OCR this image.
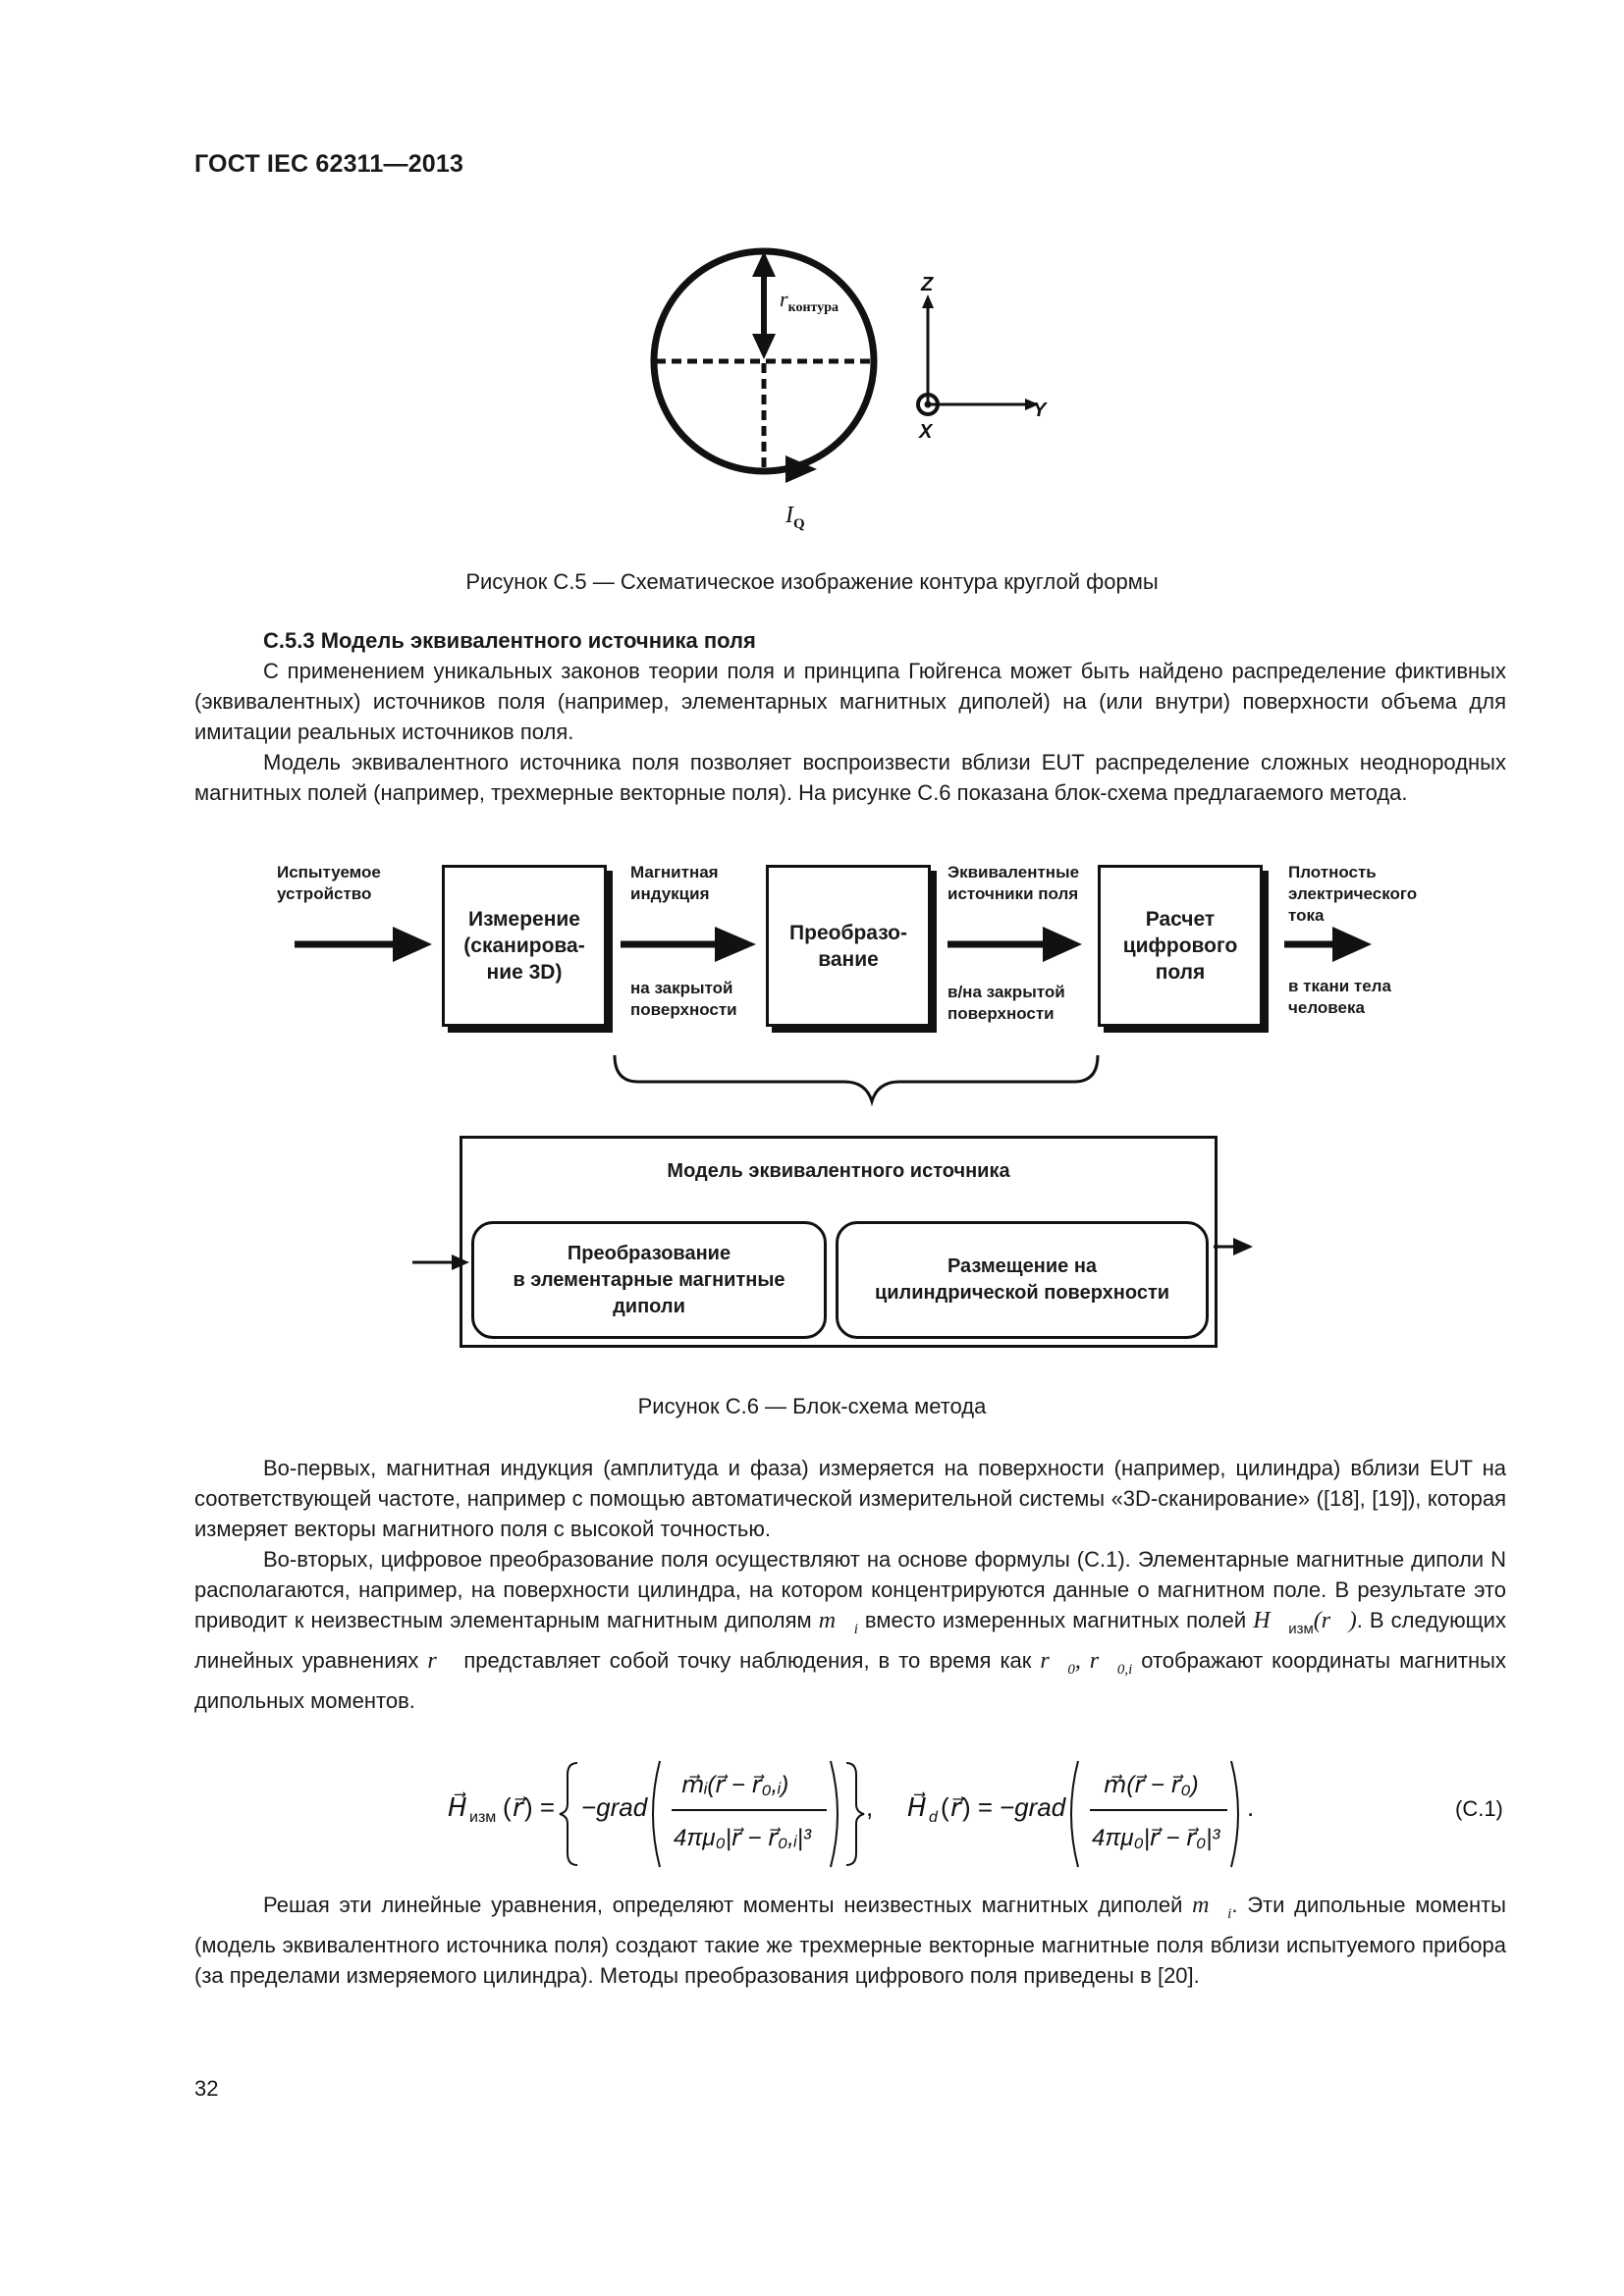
ГОСТ IEC 62311—2013
$r_{контура}$
$I_Q$
Z
Y
X
Рисунок С.5 — Схематическое изображение контура круглой формы
С.5.3 Модель эквивалентного источника поля
С применением уникальных законов теории поля и принципа Гюйгенса может быть найдено распределение фиктивных (эквивалентных) источников поля (например, элементарных магнитных диполей) на (или внутри) поверхности объема для имитации реальных источников поля.
Модель эквивалентного источника поля позволяет воспроизвести вблизи EUT распределение сложных неоднородных магнитных полей (например, трехмерные векторные поля). На рисунке С.6 показана блок-схема предлагаемого метода.
Испытуемое
устройство
Измерение
(сканирова-
ние 3D)
Магнитная
индукция
на закрытой
поверхности
Преобразо-
вание
Эквивалентные
источники поля
в/на закрытой
поверхности
Расчет
цифрового
поля
Плотность
электрического
тока
в ткани тела
человека
Модель эквивалентного источника
Преобразование
в элементарные магнитные
диполи
Размещение на
цилиндрической поверхности
Рисунок С.6 — Блок-схема метода
Во-первых, магнитная индукция (амплитуда и фаза) измеряется на поверхности (например, цилиндра) вблизи EUT на соответствующей частоте, например с помощью автоматической измерительной системы «3D-сканирование» ([18], [19]), которая измеряет векторы магнитного поля с высокой точностью.
Во-вторых, цифровое преобразование поля осуществляют на основе формулы (С.1). Элементарные магнитные диполи N располагаются, например, на поверхности цилиндра, на котором концентрируются данные о магнитном поле. В результате это приводит к неизвестным элементарным магнитным диполям $m⃗_i$ вместо измеренных магнитных полей $H⃗_{изм}(r⃗)$. В следующих линейных уравнениях r⃗ представляет собой точку наблюдения, в то время как $r⃗_0$, $r⃗_{0,i}$ отображают координаты магнитных дипольных моментов.
H⃗ изм ( r⃗ ) = −grad
m⃗ᵢ(r⃗ − r⃗₀,ᵢ)
4πμ₀|r⃗ − r⃗₀,ᵢ|³
, H⃗ d ( r⃗ ) = −grad
m⃗(r⃗ − r⃗₀)
4πμ₀|r⃗ − r⃗₀|³
.	(С.1)
Решая эти линейные уравнения, определяют моменты неизвестных магнитных диполей $m⃗_i$. Эти дипольные моменты (модель эквивалентного источника поля) создают такие же трехмерные векторные магнитные поля вблизи испытуемого прибора (за пределами измеряемого цилиндра). Методы преобразования цифрового поля приведены в [20].
32
